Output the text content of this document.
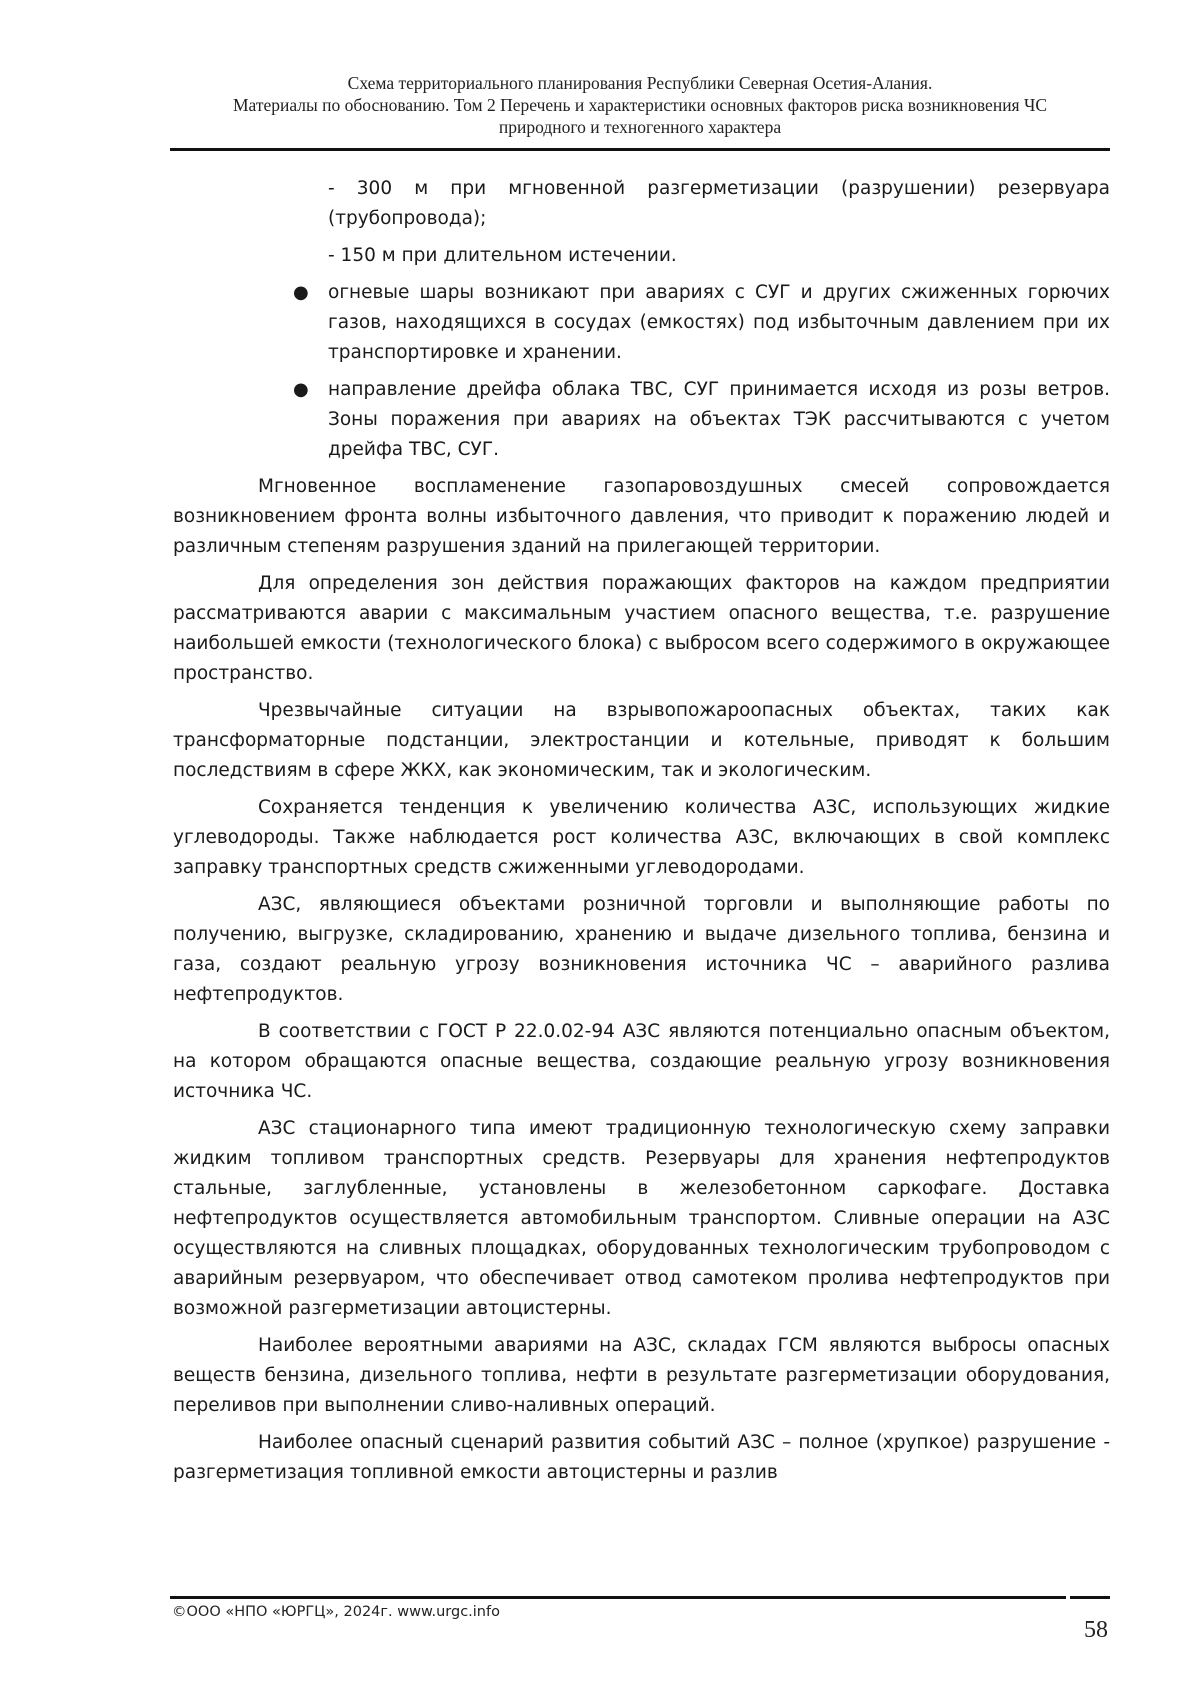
Схема территориального планирования Республики Северная Осетия-Алания.
Материалы по обоснованию. Том 2 Перечень и характеристики основных факторов риска возникновения ЧС
природного и техногенного характера

- 300 м при мгновенной разгерметизации (разрушении) резервуара (трубопровода);

- 150 м при длительном истечении.

● огневые шары возникают при авариях с СУГ и других сжиженных горючих газов, находящихся в сосудах (емкостях) под избыточным давлением при их транспортировке и хранении.

● направление дрейфа облака ТВС, СУГ принимается исходя из розы ветров. Зоны поражения при авариях на объектах ТЭК рассчитываются с учетом дрейфа ТВС, СУГ.

Мгновенное воспламенение газопаровоздушных смесей сопровождается возникновением фронта волны избыточного давления, что приводит к поражению людей и различным степеням разрушения зданий на прилегающей территории.

Для определения зон действия поражающих факторов на каждом предприятии рассматриваются аварии с максимальным участием опасного вещества, т.е. разрушение наибольшей емкости (технологического блока) с выбросом всего содержимого в окружающее пространство.

Чрезвычайные ситуации на взрывопожароопасных объектах, таких как трансформаторные подстанции, электростанции и котельные, приводят к большим последствиям в сфере ЖКХ, как экономическим, так и экологическим.

Сохраняется тенденция к увеличению количества АЗС, использующих жидкие углеводороды. Также наблюдается рост количества АЗС, включающих в свой комплекс заправку транспортных средств сжиженными углеводородами.

АЗС, являющиеся объектами розничной торговли и выполняющие работы по получению, выгрузке, складированию, хранению и выдаче дизельного топлива, бензина и газа, создают реальную угрозу возникновения источника ЧС – аварийного разлива нефтепродуктов.

В соответствии с ГОСТ Р 22.0.02-94 АЗС являются потенциально опасным объектом, на котором обращаются опасные вещества, создающие реальную угрозу возникновения источника ЧС.

АЗС стационарного типа имеют традиционную технологическую схему заправки жидким топливом транспортных средств. Резервуары для хранения нефтепродуктов стальные, заглубленные, установлены в железобетонном саркофаге. Доставка нефтепродуктов осуществляется автомобильным транспортом. Сливные операции на АЗС осуществляются на сливных площадках, оборудованных технологическим трубопроводом с аварийным резервуаром, что обеспечивает отвод самотеком пролива нефтепродуктов при возможной разгерметизации автоцистерны.

Наиболее вероятными авариями на АЗС, складах ГСМ являются выбросы опасных веществ бензина, дизельного топлива, нефти в результате разгерметизации оборудования, переливов при выполнении сливо-наливных операций.

Наиболее опасный сценарий развития событий АЗС – полное (хрупкое) разрушение - разгерметизация топливной емкости автоцистерны и разлив

©ООО «НПО «ЮРГЦ», 2024г. www.urgc.info
58
